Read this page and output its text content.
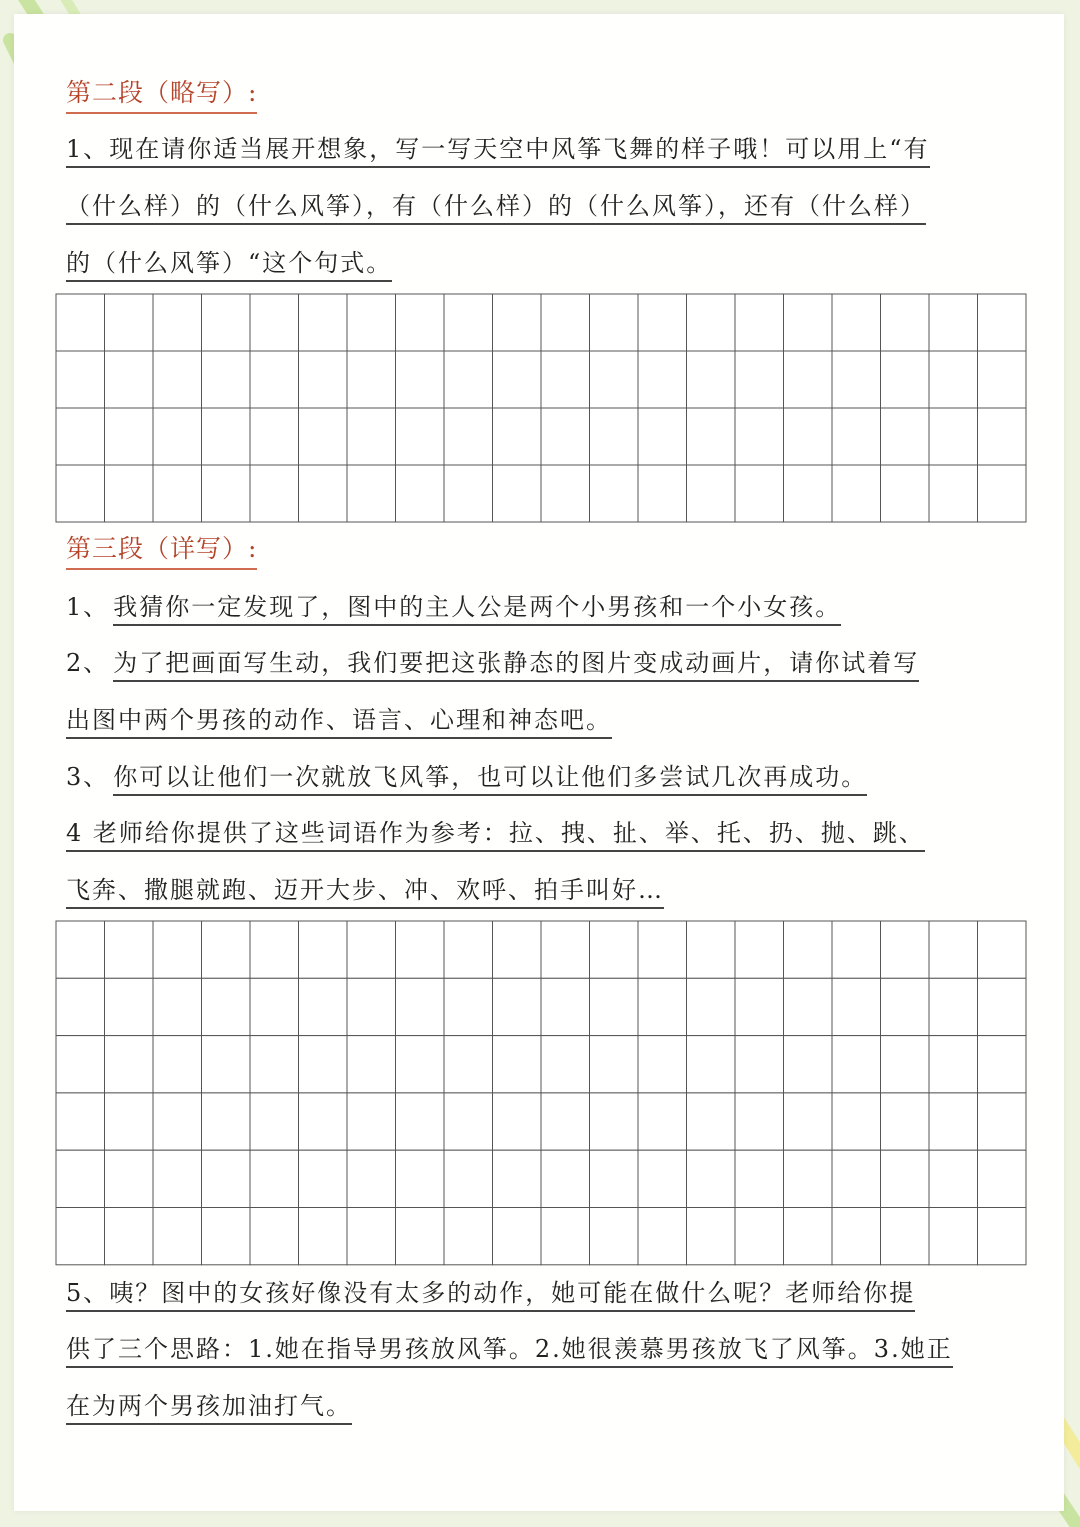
第二段（略写）:
1、现在请你适当展开想象，写一写天空中风筝飞舞的样子哦！可以用上“有
（什么样）的（什么风筝），有（什么样）的（什么风筝），还有（什么样）
的（什么风筝）“这个句式。
第三段（详写）:
1、 我猜你一定发现了，图中的主人公是两个小男孩和一个小女孩。
2、 为了把画面写生动，我们要把这张静态的图片变成动画片，请你试着写
出图中两个男孩的动作、语言、心理和神态吧。
3、 你可以让他们一次就放飞风筝，也可以让他们多尝试几次再成功。
4 老师给你提供了这些词语作为参考：拉、拽、扯、举、托、扔、抛、跳、
飞奔、撒腿就跑、迈开大步、冲、欢呼、拍手叫好…
5、咦？图中的女孩好像没有太多的动作，她可能在做什么呢？老师给你提
供了三个思路：1.她在指导男孩放风筝。2.她很羡慕男孩放飞了风筝。3.她正
在为两个男孩加油打气。
